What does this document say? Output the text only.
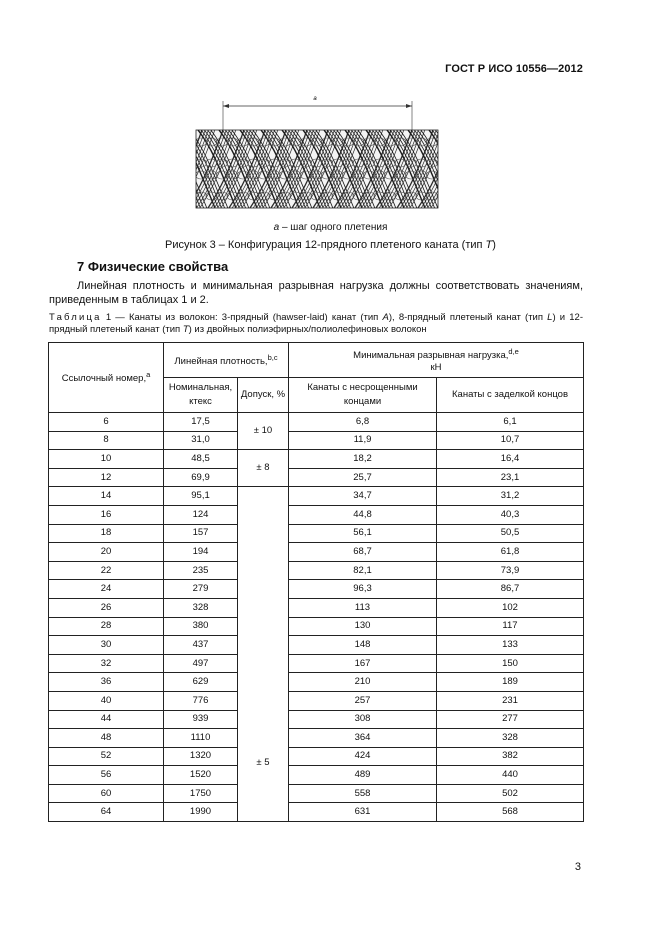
ГОСТ Р ИСО 10556—2012
a
a – шаг одного плетения
Рисунок 3 – Конфигурация 12-прядного плетеного каната (тип T)
7 Физические свойства
Линейная плотность и минимальная разрывная нагрузка должны соответствовать значениям, приведенным в таблицах 1 и 2.
Таблица 1 — Канаты из волокон: 3-прядный (hawser-laid) канат (тип A), 8-прядный плетеный канат (тип L) и 12-прядный плетеный канат (тип T) из двойных полиэфирных/полиолефиновых волокон
Ссылочный номер,$^a$	Линейная плотность,$^{b,c}$		Минимальная разрывная нагрузка,$^{d,e}$
кН	
	Номинальная, ктекс	Допуск, %	Канаты с несрощенными концами	Канаты с заделкой концов
6	17,5	± 10	6,8	6,1
8	31,0		11,9	10,7
10	48,5	± 8	18,2	16,4
12	69,9		25,7	23,1
14	95,1	± 5	34,7	31,2
16	124		44,8	40,3
18	157		56,1	50,5
20	194		68,7	61,8
22	235		82,1	73,9
24	279		96,3	86,7
26	328		113	102
28	380		130	117
30	437		148	133
32	497		167	150
36	629		210	189
40	776		257	231
44	939		308	277
48	1110		364	328
52	1320		424	382
56	1520		489	440
60	1750		558	502
64	1990		631	568
3
